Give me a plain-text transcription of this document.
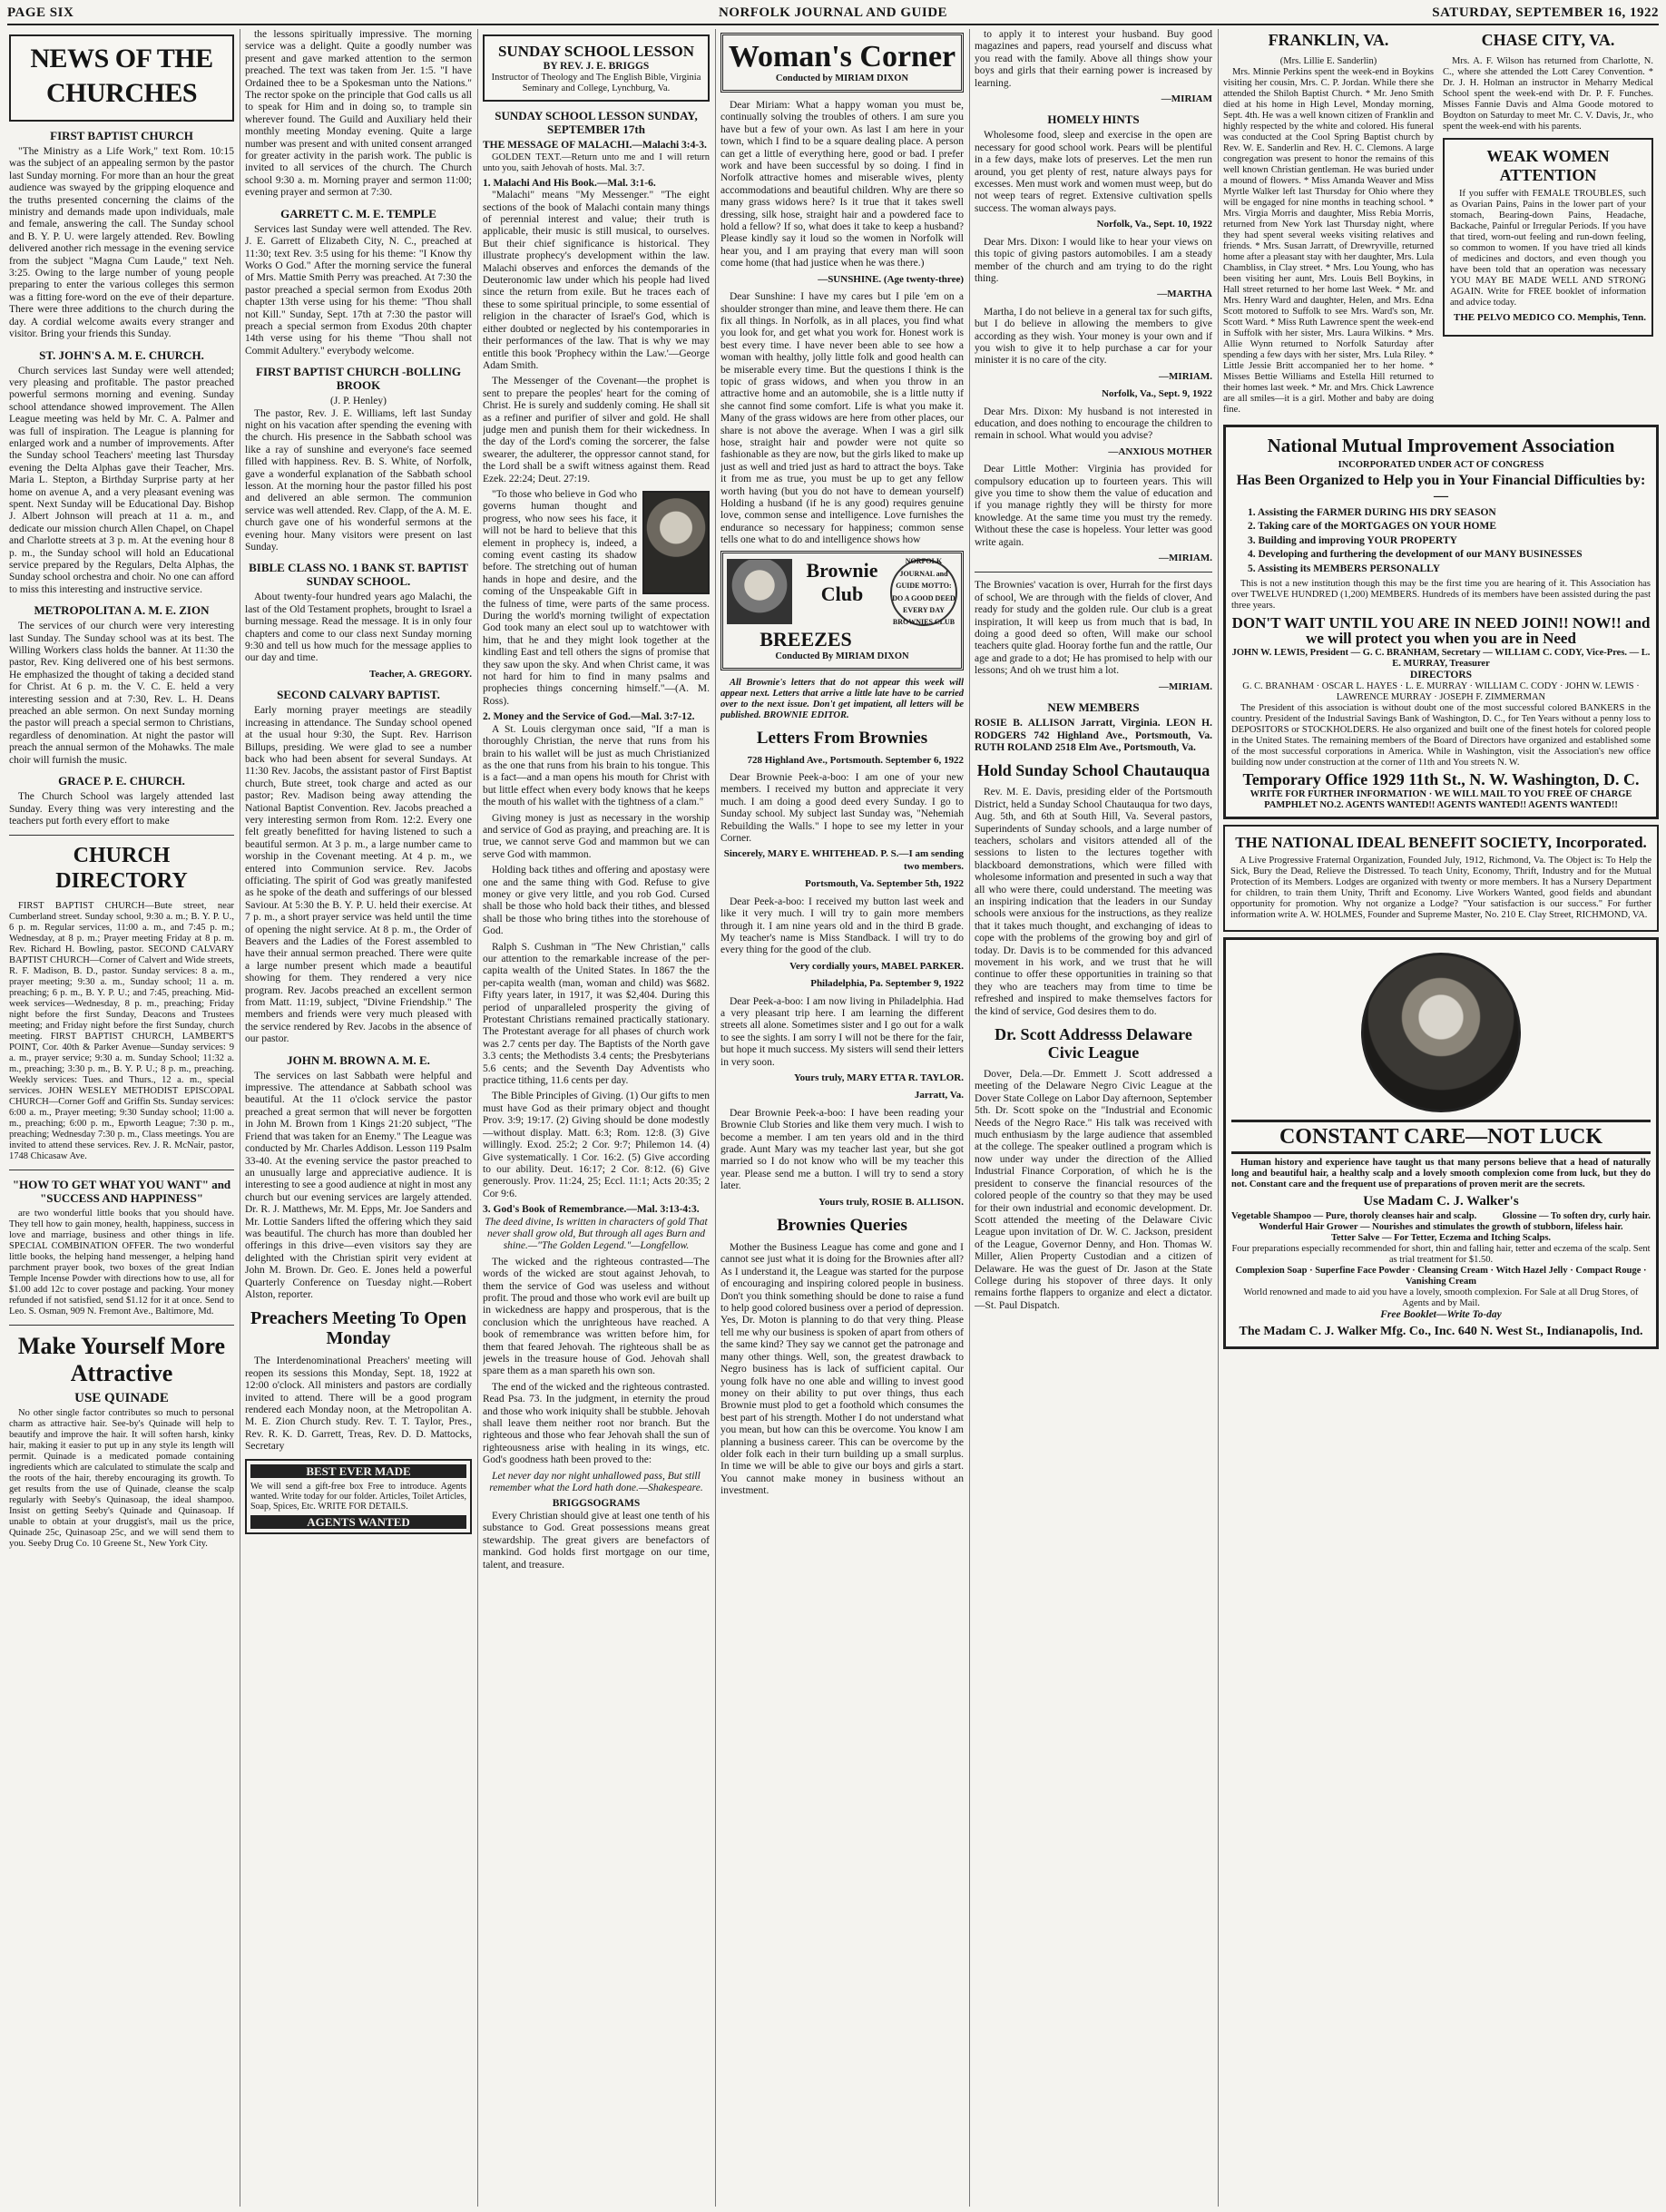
PAGE SIX	NORFOLK JOURNAL AND GUIDE	SATURDAY, SEPTEMBER 16, 1922
NEWS OF THE CHURCHES
FIRST BAPTIST CHURCH

"The Ministry as a Life Work," text Rom. 10:15 was the subject of an appealing sermon by the pastor last Sunday morning. For more than an hour the great audience was swayed by the gripping eloquence and the truths presented concerning the claims of the ministry and demands made upon individuals, male and female, answering the call. The Sunday school and B. Y. P. U. were largely attended. Rev. Bowling delivered another rich message in the evening service from the subject "Magna Cum Laude," text Neh. 3:25. Owing to the large number of young people preparing to enter the various colleges this sermon was a fitting fore-word on the eve of their departure. There were three additions to the church during the day. A cordial welcome awaits every stranger and visitor. Bring your friends this Sunday.

ST. JOHN'S A. M. E. CHURCH.

Church services last Sunday were well attended; very pleasing and profitable. The pastor preached powerful sermons morning and evening. Sunday school attendance showed improvement. The Allen League meeting was held by Mr. C. A. Palmer and was full of inspiration. The League is planning for enlarged work and a number of improvements. After the Sunday school Teachers' meeting last Thursday evening the Delta Alphas gave their Teacher, Mrs. Maria L. Stepton, a Birthday Surprise party at her home on avenue A, and a very pleasant evening was spent. Next Sunday will be Educational Day. Bishop J. Albert Johnson will preach at 11 a. m., and dedicate our mission church Allen Chapel, on Chapel and Charlotte streets at 3 p. m. At the evening hour 8 p. m., the Sunday school will hold an Educational service prepared by the Regulars, Delta Alphas, the Sunday school orchestra and choir. No one can afford to miss this interesting and instructive service.

METROPOLITAN A. M. E. ZION

The services of our church were very interesting last Sunday. The Sunday school was at its best. The Willing Workers class holds the banner. At 11:30 the pastor, Rev. King delivered one of his best sermons. He emphasized the thought of taking a decided stand for Christ. At 6 p. m. the V. C. E. held a very interesting session and at 7:30, Rev. L. H. Deans preached an able sermon. On next Sunday morning the pastor will preach a special sermon to Christians, regardless of denomination. At night the pastor will preach the annual sermon of the Mohawks. The male choir will furnish the music.

GRACE P. E. CHURCH.

The Church School was largely attended last Sunday. Every thing was very interesting and the teachers put forth every effort to make

CHURCH DIRECTORY

FIRST BAPTIST CHURCH—Bute street, near Cumberland street. Sunday school, 9:30 a. m.; B. Y. P. U., 6 p. m. Regular services, 11:00 a. m., and 7:45 p. m.; Wednesday, at 8 p. m.; Prayer meeting Friday at 8 p. m. Rev. Richard H. Bowling, pastor. SECOND CALVARY BAPTIST CHURCH—Corner of Calvert and Wide streets, R. F. Madison, B. D., pastor. Sunday services: 8 a. m., prayer meeting; 9:30 a. m., Sunday school; 11 a. m. preaching; 6 p. m., B. Y. P. U.; and 7:45, preaching. Mid-week services—Wednesday, 8 p. m., preaching; Friday night before the first Sunday, Deacons and Trustees meeting; and Friday night before the first Sunday, church meeting. FIRST BAPTIST CHURCH, LAMBERT'S POINT, Cor. 40th & Parker Avenue—Sunday services: 9 a. m., prayer service; 9:30 a. m. Sunday School; 11:32 a. m., preaching; 3:30 p. m., B. Y. P. U.; 8 p. m., preaching. Weekly services: Tues. and Thurs., 12 a. m., special services. JOHN WESLEY METHODIST EPISCOPAL CHURCH—Corner Goff and Griffin Sts. Sunday services: 6:00 a. m., Prayer meeting; 9:30 Sunday school; 11:00 a. m., preaching; 6:00 p. m., Epworth League; 7:30 p. m., preaching; Wednesday 7:30 p. m., Class meetings. You are invited to attend these services. Rev. J. R. McNair, pastor, 1748 Chicasaw Ave.

"HOW TO GET WHAT YOU WANT" and "SUCCESS AND HAPPINESS"

are two wonderful little books that you should have. They tell how to gain money, health, happiness, success in love and marriage, business and other things in life. SPECIAL COMBINATION OFFER. The two wonderful little books, the helping hand messenger, a helping hand parchment prayer book, two boxes of the great Indian Temple Incense Powder with directions how to use, all for $1.00 add 12c to cover postage and packing. Your money refunded if not satisfied, send $1.12 for it at once. Send to Leo. S. Osman, 909 N. Fremont Ave., Baltimore, Md.

Make Yourself More Attractive
USE QUINADE

No other single factor contributes so much to personal charm as attractive hair. See-by's Quinade will help to beautify and improve the hair. It will soften harsh, kinky hair, making it easier to put up in any style its length will permit. Quinade is a medicated pomade containing ingredients which are calculated to stimulate the scalp and the roots of the hair, thereby encouraging its growth. To get results from the use of Quinade, cleanse the scalp regularly with Seeby's Quinasoap, the ideal shampoo. Insist on getting Seeby's Quinade and Quinasoap. If unable to obtain at your druggist's, mail us the price, Quinade 25c, Quinasoap 25c, and we will send them to you. Seeby Drug Co. 10 Greene St., New York City.

the lessons spiritually impressive. The morning service was a delight. Quite a goodly number was present and gave marked attention to the sermon preached. The text was taken from Jer. 1:5. "I have Ordained thee to be a Spokesman unto the Nations." The rector spoke on the principle that God calls us all to speak for Him and in doing so, to trample sin wherever found. The Guild and Auxiliary held their monthly meeting Monday evening. Quite a large number was present and with united consent arranged for greater activity in the parish work. The public is invited to all services of the church. The Church school 9:30 a. m. Morning prayer and sermon 11:00; evening prayer and sermon at 7:30.

GARRETT C. M. E. TEMPLE

Services last Sunday were well attended. The Rev. J. E. Garrett of Elizabeth City, N. C., preached at 11:30; text Rev. 3:5 using for his theme: "I Know thy Works O God." After the morning service the funeral of Mrs. Mattie Smith Perry was preached. At 7:30 the pastor preached a special sermon from Exodus 20th chapter 13th verse using for his theme: "Thou shall not Kill." Sunday, Sept. 17th at 7:30 the pastor will preach a special sermon from Exodus 20th chapter 14th verse using for his theme "Thou shall not Commit Adultery." everybody welcome.

FIRST BAPTIST CHURCH -BOLLING BROOK
(J. P. Henley)

The pastor, Rev. J. E. Williams, left last Sunday night on his vacation after spending the evening with the church. His presence in the Sabbath school was like a ray of sunshine and everyone's face seemed filled with happiness. Rev. B. S. White, of Norfolk, gave a wonderful explanation of the Sabbath school lesson. At the morning hour the pastor filled his post and delivered an able sermon. The communion service was well attended. Rev. Clapp, of the A. M. E. church gave one of his wonderful sermons at the evening hour. Many visitors were present on last Sunday.

BIBLE CLASS NO. 1 BANK ST. BAPTIST SUNDAY SCHOOL.

About twenty-four hundred years ago Malachi, the last of the Old Testament prophets, brought to Israel a burning message. Read the message. It is in only four chapters and come to our class next Sunday morning 9:30 and tell us how much for the message applies to our day and time.

Teacher, A. GREGORY.
SECOND CALVARY BAPTIST.

Early morning prayer meetings are steadily increasing in attendance. The Sunday school opened at the usual hour 9:30, the Supt. Rev. Harrison Billups, presiding. We were glad to see a number back who had been absent for several Sundays. At 11:30 Rev. Jacobs, the assistant pastor of First Baptist church, Bute street, took charge and acted as our pastor; Rev. Madison being away attending the National Baptist Convention. Rev. Jacobs preached a very interesting sermon from Rom. 12:2. Every one felt greatly benefitted for having listened to such a beautiful sermon. At 3 p. m., a large number came to worship in the Covenant meeting. At 4 p. m., we entered into Communion service. Rev. Jacobs officiating. The spirit of God was greatly manifested as he spoke of the death and sufferings of our blessed Saviour. At 5:30 the B. Y. P. U. held their exercise. At 7 p. m., a short prayer service was held until the time of opening the night service. At 8 p. m., the Order of Beavers and the Ladies of the Forest assembled to have their annual sermon preached. There were quite a large number present which made a beautiful showing for them. They rendered a very nice program. Rev. Jacobs preached an excellent sermon from Matt. 11:19, subject, "Divine Friendship." The members and friends were very much pleased with the service rendered by Rev. Jacobs in the absence of our pastor.

JOHN M. BROWN A. M. E.

The services on last Sabbath were helpful and impressive. The attendance at Sabbath school was beautiful. At the 11 o'clock service the pastor preached a great sermon that will never be forgotten in John M. Brown from 1 Kings 21:20 subject, "The Friend that was taken for an Enemy." The League was conducted by Mr. Charles Addison. Lesson 119 Psalm 33-40. At the evening service the pastor preached to an unusually large and appreciative audience. It is interesting to see a good audience at night in most any church but our evening services are largely attended. Dr. R. J. Matthews, Mr. M. Epps, Mr. Joe Sanders and Mr. Lottie Sanders lifted the offering which they said was beautiful. The church has more than doubled her offerings in this drive—even visitors say they are delighted with the Christian spirit very evident at John M. Brown. Dr. Geo. E. Jones held a powerful Quarterly Conference on Tuesday night.—Robert Alston, reporter.

Preachers Meeting To Open Monday

The Interdenominational Preachers' meeting will reopen its sessions this Monday, Sept. 18, 1922 at 12:00 o'clock. All ministers and pastors are cordially invited to attend. There will be a good program rendered each Monday noon, at the Metropolitan A. M. E. Zion Church study. Rev. T. T. Taylor, Pres., Rev. R. K. D. Garrett, Treas, Rev. D. D. Mattocks, Secretary

BEST EVER MADE
We will send a gift-free box Free to introduce. Agents wanted. Write today for our folder. Articles, Toilet Articles, Soap, Spices, Etc. WRITE FOR DETAILS.
AGENTS WANTED
SUNDAY SCHOOL LESSON
BY REV. J. E. BRIGGS
Instructor of Theology and The English Bible, Virginia Seminary and College, Lynchburg, Va.
SUNDAY SCHOOL LESSON SUNDAY, SEPTEMBER 17th
THE MESSAGE OF MALACHI.—Malachi 3:4-3.

GOLDEN TEXT.—Return unto me and I will return unto you, saith Jehovah of hosts. Mal. 3:7.

1. Malachi And His Book.—Mal. 3:1-6.

"Malachi" means "My Messenger." "The eight sections of the book of Malachi contain many things of perennial interest and value; their truth is applicable, their music is still musical, to ourselves. But their chief significance is historical. They illustrate prophecy's development within the law. Malachi observes and enforces the demands of the Deuteronomic law under which his people had lived since the return from exile. But he traces each of these to some spiritual principle, to some essential of religion in the character of Israel's God, which is either doubted or neglected by his contemporaries in their performances of the law. That is why we may entitle this book 'Prophecy within the Law.'—George Adam Smith.

The Messenger of the Covenant—the prophet is sent to prepare the peoples' heart for the coming of Christ. He is surely and suddenly coming. He shall sit as a refiner and purifier of silver and gold. He shall judge men and punish them for their wickedness. In the day of the Lord's coming the sorcerer, the false swearer, the adulterer, the oppressor cannot stand, for the Lord shall be a swift witness against them. Read Ezek. 22:24; Deut. 27:19.

"To those who believe in God who governs human thought and progress, who now sees his face, it will not be hard to believe that this element in prophecy is, indeed, a coming event casting its shadow before. The stretching out of human hands in hope and desire, and the coming of the Unspeakable Gift in the fulness of time, were parts of the same process. During the world's morning twilight of expectation God took many an elect soul up to watchtower with him, that he and they might look together at the kindling East and tell others the signs of promise that they saw upon the sky. And when Christ came, it was not hard for him to find in many psalms and prophecies things concerning himself."—(A. M. Ross).

2. Money and the Service of God.—Mal. 3:7-12.

A St. Louis clergyman once said, "If a man is thoroughly Christian, the nerve that runs from his brain to his wallet will be just as much Christianized as the one that runs from his brain to his tongue. This is a fact—and a man opens his mouth for Christ with but little effect when every body knows that he keeps the mouth of his wallet with the tightness of a clam."

Giving money is just as necessary in the worship and service of God as praying, and preaching are. It is true, we cannot serve God and mammon but we can serve God with mammon.

Holding back tithes and offering and apostasy were one and the same thing with God. Refuse to give money or give very little, and you rob God. Cursed shall be those who hold back their tithes, and blessed shall be those who bring tithes into the storehouse of God.

Ralph S. Cushman in "The New Christian," calls our attention to the remarkable increase of the per-capita wealth of the United States. In 1867 the the per-capita wealth (man, woman and child) was $682. Fifty years later, in 1917, it was $2,404. During this period of unparalleled prosperity the giving of Protestant Christians remained practically stationary. The Protestant average for all phases of church work was 2.7 cents per day. The Baptists of the North gave 3.3 cents; the Methodists 3.4 cents; the Presbyterians 5.6 cents; and the Seventh Day Adventists who practice tithing, 11.6 cents per day.

The Bible Principles of Giving. (1) Our gifts to men must have God as their primary object and thought Prov. 3:9; 19:17. (2) Giving should be done modestly—without display. Matt. 6:3; Rom. 12:8. (3) Give willingly. Exod. 25:2; 2 Cor. 9:7; Philemon 14. (4) Give systematically. 1 Cor. 16:2. (5) Give according to our ability. Deut. 16:17; 2 Cor. 8:12. (6) Give generously. Prov. 11:24, 25; Eccl. 11:1; Acts 20:35; 2 Cor 9:6.

3. God's Book of Remembrance.—Mal. 3:13-4:3.

The deed divine, Is written in characters of gold That never shall grow old, But through all ages Burn and shine.—"The Golden Legend."—Longfellow.

The wicked and the righteous contrasted—The words of the wicked are stout against Jehovah, to them the service of God was useless and without profit. The proud and those who work evil are built up in wickedness are happy and prosperous, that is the conclusion which the unrighteous have reached. A book of remembrance was written before him, for them that feared Jehovah. The righteous shall be as jewels in the treasure house of God. Jehovah shall spare them as a man spareth his own son.

The end of the wicked and the righteous contrasted. Read Psa. 73. In the judgment, in eternity the proud and those who work iniquity shall be stubble. Jehovah shall leave them neither root nor branch. But the righteous and those who fear Jehovah shall the sun of righteousness arise with healing in its wings, etc. God's goodness hath been proved to the:

Let never day nor night unhallowed pass, But still remember what the Lord hath done.—Shakespeare.

BRIGGSOGRAMS

Every Christian should give at least one tenth of his substance to God. Great possessions means great stewardship. The great givers are benefactors of mankind. God holds first mortgage on our time, talent, and treasure.

Woman's Corner
Conducted by MIRIAM DIXON

Dear Miriam: What a happy woman you must be, continually solving the troubles of others. I am sure you have but a few of your own. As last I am here in your town, which I find to be a square dealing place. A person can get a little of everything here, good or bad. I prefer work and have been successful by so doing. I find in Norfolk attractive homes and miserable wives, plenty accommodations and beautiful children. Why are there so many grass widows here? Is it true that it takes swell dressing, silk hose, straight hair and a powdered face to hold a fellow? If so, what does it take to keep a husband? Please kindly say it loud so the women in Norfolk will hear you, and I am praying that every man will soon come home (that had justice when he was there.)

—SUNSHINE. (Age twenty-three)

Dear Sunshine: I have my cares but I pile 'em on a shoulder stronger than mine, and leave them there. He can fix all things. In Norfolk, as in all places, you find what you look for, and get what you work for. Honest work is best every time. I have never been able to see how a woman with healthy, jolly little folk and good health can be miserable every time. But the questions I think is the topic of grass widows, and when you throw in an attractive home and an automobile, she is a little nutty if she cannot find some comfort. Life is what you make it. Many of the grass widows are here from other places, our share is not above the average. When I was a girl silk hose, straight hair and powder were not quite so fashionable as they are now, but the girls liked to make up just as well and tried just as hard to attract the boys. Take it from me as true, you must be up to get any fellow worth having (but you do not have to demean yourself) Holding a husband (if he is any good) requires genuine love, common sense and intelligence. Love furnishes the endurance so necessary for happiness; common sense tells one what to do and intelligence shows how

NORFOLK JOURNAL and GUIDE MOTTO: DO A GOOD DEED EVERY DAY BROWNIES CLUB
Brownie Club BREEZES
Conducted By MIRIAM DIXON

All Brownie's letters that do not appear this week will appear next. Letters that arrive a little late have to be carried over to the next issue. Don't get impatient, all letters will be published. BROWNIE EDITOR.

Letters From Brownies
728 Highland Ave., Portsmouth. September 6, 1922

Dear Brownie Peek-a-boo: I am one of your new members. I received my button and appreciate it very much. I am doing a good deed every Sunday. I go to Sunday school. My subject last Sunday was, "Nehemiah Rebuilding the Walls." I hope to see my letter in your Corner.

Sincerely, MARY E. WHITEHEAD. P. S.—I am sending two members.
Portsmouth, Va. September 5th, 1922

Dear Peek-a-boo: I received my button last week and like it very much. I will try to gain more members through it. I am nine years old and in the third B grade. My teacher's name is Miss Standback. I will try to do every thing for the good of the club.

Very cordially yours, MABEL PARKER.
Philadelphia, Pa. September 9, 1922

Dear Peek-a-boo: I am now living in Philadelphia. Had a very pleasant trip here. I am learning the different streets all alone. Sometimes sister and I go out for a walk to see the sights. I am sorry I will not be there for the fair, but hope it much success. My sisters will send their letters in very soon.

Yours truly, MARY ETTA R. TAYLOR.
Jarratt, Va.

Dear Brownie Peek-a-boo: I have been reading your Brownie Club Stories and like them very much. I wish to become a member. I am ten years old and in the third grade. Aunt Mary was my teacher last year, but she got married so I do not know who will be my teacher this year. Please send me a button. I will try to send a story later.

Yours truly, ROSIE B. ALLISON.
Brownies Queries

Mother the Business League has come and gone and I cannot see just what it is doing for the Brownies after all? As I understand it, the League was started for the purpose of encouraging and inspiring colored people in business. Don't you think something should be done to raise a fund to help good colored business over a period of depression. Yes, Dr. Moton is planning to do that very thing. Please tell me why our business is spoken of apart from others of the same kind? They say we cannot get the patronage and many other things. Well, son, the greatest drawback to Negro business has is lack of sufficient capital. Our young folk have no one able and willing to invest good money on their ability to put over things, thus each Brownie must plod to get a foothold which consumes the best part of his strength. Mother I do not understand what you mean, but how can this be overcome. You know I am planning a business career. This can be overcome by the older folk each in their turn building up a small surplus. In time we will be able to give our boys and girls a start. You cannot make money in business without an investment.

to apply it to interest your husband. Buy good magazines and papers, read yourself and discuss what you read with the family. Above all things show your boys and girls that their earning power is increased by learning.

—MIRIAM
HOMELY HINTS

Wholesome food, sleep and exercise in the open are necessary for good school work. Pears will be plentiful in a few days, make lots of preserves. Let the men run around, you get plenty of rest, nature always pays for excesses. Men must work and women must weep, but do not weep tears of regret. Extensive cultivation spells success. The woman always pays.

Norfolk, Va., Sept. 10, 1922

Dear Mrs. Dixon: I would like to hear your views on this topic of giving pastors automobiles. I am a steady member of the church and am trying to do the right thing.

—MARTHA

Martha, I do not believe in a general tax for such gifts, but I do believe in allowing the members to give according as they wish. Your money is your own and if you wish to give it to help purchase a car for your minister it is no care of the city.

—MIRIAM.
Norfolk, Va., Sept. 9, 1922

Dear Mrs. Dixon: My husband is not interested in education, and does nothing to encourage the children to remain in school. What would you advise?

—ANXIOUS MOTHER

Dear Little Mother: Virginia has provided for compulsory education up to fourteen years. This will give you time to show them the value of education and if you manage rightly they will be thirsty for more knowledge. At the same time you must try the remedy. Without these the case is hopeless. Your letter was good write again.

—MIRIAM.

The Brownies' vacation is over, Hurrah for the first days of school, We are through with the fields of clover, And ready for study and the golden rule. Our club is a great inspiration, It will keep us from much that is bad, In doing a good deed so often, Will make our school teachers quite glad. Hooray forthe fun and the rattle, Our age and grade to a dot; He has promised to help with our lessons; And oh we trust him a lot.

—MIRIAM.
NEW MEMBERS

ROSIE B. ALLISON Jarratt, Virginia. LEON H. RODGERS 742 Highland Ave., Portsmouth, Va. RUTH ROLAND 2518 Elm Ave., Portsmouth, Va.

Hold Sunday School Chautauqua

Rev. M. E. Davis, presiding elder of the Portsmouth District, held a Sunday School Chautauqua for two days, Aug. 5th, and 6th at South Hill, Va. Several pastors, Superindents of Sunday schools, and a large number of teachers, scholars and visitors attended all of the sessions to listen to the lectures together with blackboard demonstrations, which were filled with wholesome information and presented in such a way that all who were there, could understand. The meeting was an inspiring indication that the leaders in our Sunday schools were anxious for the instructions, as they realize that it takes much thought, and exchanging of ideas to cope with the problems of the growing boy and girl of today. Dr. Davis is to be commended for this advanced movement in his work, and we trust that he will continue to offer these opportunities in training so that they who are teachers may from time to time be refreshed and inspired to make themselves factors for the kind of service, God desires them to do.

Dr. Scott Addresss Delaware Civic League

Dover, Dela.—Dr. Emmett J. Scott addressed a meeting of the Delaware Negro Civic League at the Dover State College on Labor Day afternoon, September 5th. Dr. Scott spoke on the "Industrial and Economic Needs of the Negro Race." His talk was received with much enthusiasm by the large audience that assembled at the college. The speaker outlined a program which is now under way under the direction of the Allied Industrial Finance Corporation, of which he is the president to conserve the financial resources of the colored people of the country so that they may be used for their own industrial and economic development. Dr. Scott attended the meeting of the Delaware Civic League upon invitation of Dr. W. C. Jackson, president of the League, Governor Denny, and Hon. Thomas W. Miller, Alien Property Custodian and a citizen of Delaware. He was the guest of Dr. Jason at the State College during his stopover of three days. It only remains forthe flappers to organize and elect a dictator.—St. Paul Dispatch.

FRANKLIN, VA.
(Mrs. Lillie E. Sanderlin)

Mrs. Minnie Perkins spent the week-end in Boykins visiting her cousin, Mrs. C. P. Jordan. While there she attended the Shiloh Baptist Church. * Mr. Jeno Smith died at his home in High Level, Monday morning, Sept. 4th. He was a well known citizen of Franklin and highly respected by the white and colored. His funeral was conducted at the Cool Spring Baptist church by Rev. W. E. Sanderlin and Rev. H. C. Clemons. A large congregation was present to honor the remains of this well known Christian gentleman. He was buried under a mound of flowers. * Miss Amanda Weaver and Miss Myrtle Walker left last Thursday for Ohio where they will be engaged for nine months in teaching school. * Mrs. Virgia Morris and daughter, Miss Rebia Morris, returned from New York last Thursday night, where they had spent several weeks visiting relatives and friends. * Mrs. Susan Jarratt, of Drewryville, returned home after a pleasant stay with her daughter, Mrs. Lula Chambliss, in Clay street. * Mrs. Lou Young, who has been visiting her aunt, Mrs. Louis Bell Boykins, in Hall street returned to her home last Week. * Mr. and Mrs. Henry Ward and daughter, Helen, and Mrs. Edna Scott motored to Suffolk to see Mrs. Ward's son, Mr. Scott Ward. * Miss Ruth Lawrence spent the week-end in Suffolk with her sister, Mrs. Laura Wilkins. * Mrs. Allie Wynn returned to Norfolk Saturday after spending a few days with her sister, Mrs. Lula Riley. * Little Jessie Britt accompanied her to her home. * Misses Bettie Williams and Estella Hill returned to their homes last week. * Mr. and Mrs. Chick Lawrence are all smiles—it is a girl. Mother and baby are doing fine.

CHASE CITY, VA.

Mrs. A. F. Wilson has returned from Charlotte, N. C., where she attended the Lott Carey Convention. * Dr. J. H. Holman an instructor in Meharry Medical School spent the week-end with Dr. P. F. Funches. Misses Fannie Davis and Alma Goode motored to Boydton on Saturday to meet Mr. C. V. Davis, Jr., who spent the week-end with his parents.

WEAK WOMEN ATTENTION

If you suffer with FEMALE TROUBLES, such as Ovarian Pains, Pains in the lower part of your stomach, Bearing-down Pains, Headache, Backache, Painful or Irregular Periods. If you have that tired, worn-out feeling and run-down feeling, so common to women. If you have tried all kinds of medicines and doctors, and even though you have been told that an operation was necessary YOU MAY BE MADE WELL AND STRONG AGAIN. Write for FREE booklet of information and advice today.

THE PELVO MEDICO CO. Memphis, Tenn.
National Mutual Improvement Association
INCORPORATED UNDER ACT OF CONGRESS
Has Been Organized to Help you in Your Financial Difficulties by:—
1. Assisting the FARMER DURING HIS DRY SEASON
2. Taking care of the MORTGAGES ON YOUR HOME
3. Building and improving YOUR PROPERTY
4. Developing and furthering the development of our MANY BUSINESSES
5. Assisting its MEMBERS PERSONALLY

This is not a new institution though this may be the first time you are hearing of it. This Association has over TWELVE HUNDRED (1,200) MEMBERS. Hundreds of its members have been assisted during the past three years.

DON'T WAIT UNTIL YOU ARE IN NEED JOIN!! NOW!! and we will protect you when you are in Need
JOHN W. LEWIS, President — G. C. BRANHAM, Secretary — WILLIAM C. CODY, Vice-Pres. — L. E. MURRAY, Treasurer
DIRECTORS
G. C. BRANHAM · OSCAR L. HAYES · L. E. MURRAY · WILLIAM C. CODY · JOHN W. LEWIS · LAWRENCE MURRAY · JOSEPH F. ZIMMERMAN

The President of this association is without doubt one of the most successful colored BANKERS in the country. President of the Industrial Savings Bank of Washington, D. C., for Ten Years without a penny loss to DEPOSITORS or STOCKHOLDERS. He also organized and built one of the finest hotels for colored people in the United States. The remaining members of the Board of Directors have organized and established some of the most successful corporations in America. While in Washington, visit the Association's new office building now under construction at the corner of 11th and You streets N. W.

Temporary Office 1929 11th St., N. W. Washington, D. C.
WRITE FOR FURTHER INFORMATION · WE WILL MAIL TO YOU FREE OF CHARGE PAMPHLET NO.2. AGENTS WANTED!! AGENTS WANTED!! AGENTS WANTED!!
THE NATIONAL IDEAL BENEFIT SOCIETY, Incorporated.

A Live Progressive Fraternal Organization, Founded July, 1912, Richmond, Va. The Object is: To Help the Sick, Bury the Dead, Relieve the Distressed. To teach Unity, Economy, Thrift, Industry and for the Mutual Protection of its Members. Lodges are organized with twenty or more members. It has a Nursery Department for children, to train them Unity, Thrift and Economy. Live Workers Wanted, good fields and abundant opportunity for promotion. Why not organize a Lodge? "Your satisfaction is our success." For further information write A. W. HOLMES, Founder and Supreme Master, No. 210 E. Clay Street, RICHMOND, VA.

CONSTANT CARE—NOT LUCK

Human history and experience have taught us that many persons believe that a head of naturally long and beautiful hair, a healthy scalp and a lovely smooth complexion come from luck, but they do not. Constant care and the frequent use of preparations of proven merit are the secrets.

Use Madam C. J. Walker's
Vegetable Shampoo — Pure, thoroly cleanses hair and scalp.	Glossine — To soften dry, curly hair.
Wonderful Hair Grower — Nourishes and stimulates the growth of stubborn, lifeless hair.
Tetter Salve — For Tetter, Eczema and Itching Scalps.
Four preparations especially recommended for short, thin and falling hair, tetter and eczema of the scalp. Sent as trial treatment for $1.50.
Complexion Soap · Superfine Face Powder · Cleansing Cream · Witch Hazel Jelly · Compact Rouge · Vanishing Cream
World renowned and made to aid you have a lovely, smooth complexion. For Sale at all Drug Stores, of Agents and by Mail.
Free Booklet—Write To-day
The Madam C. J. Walker Mfg. Co., Inc. 640 N. West St., Indianapolis, Ind.
